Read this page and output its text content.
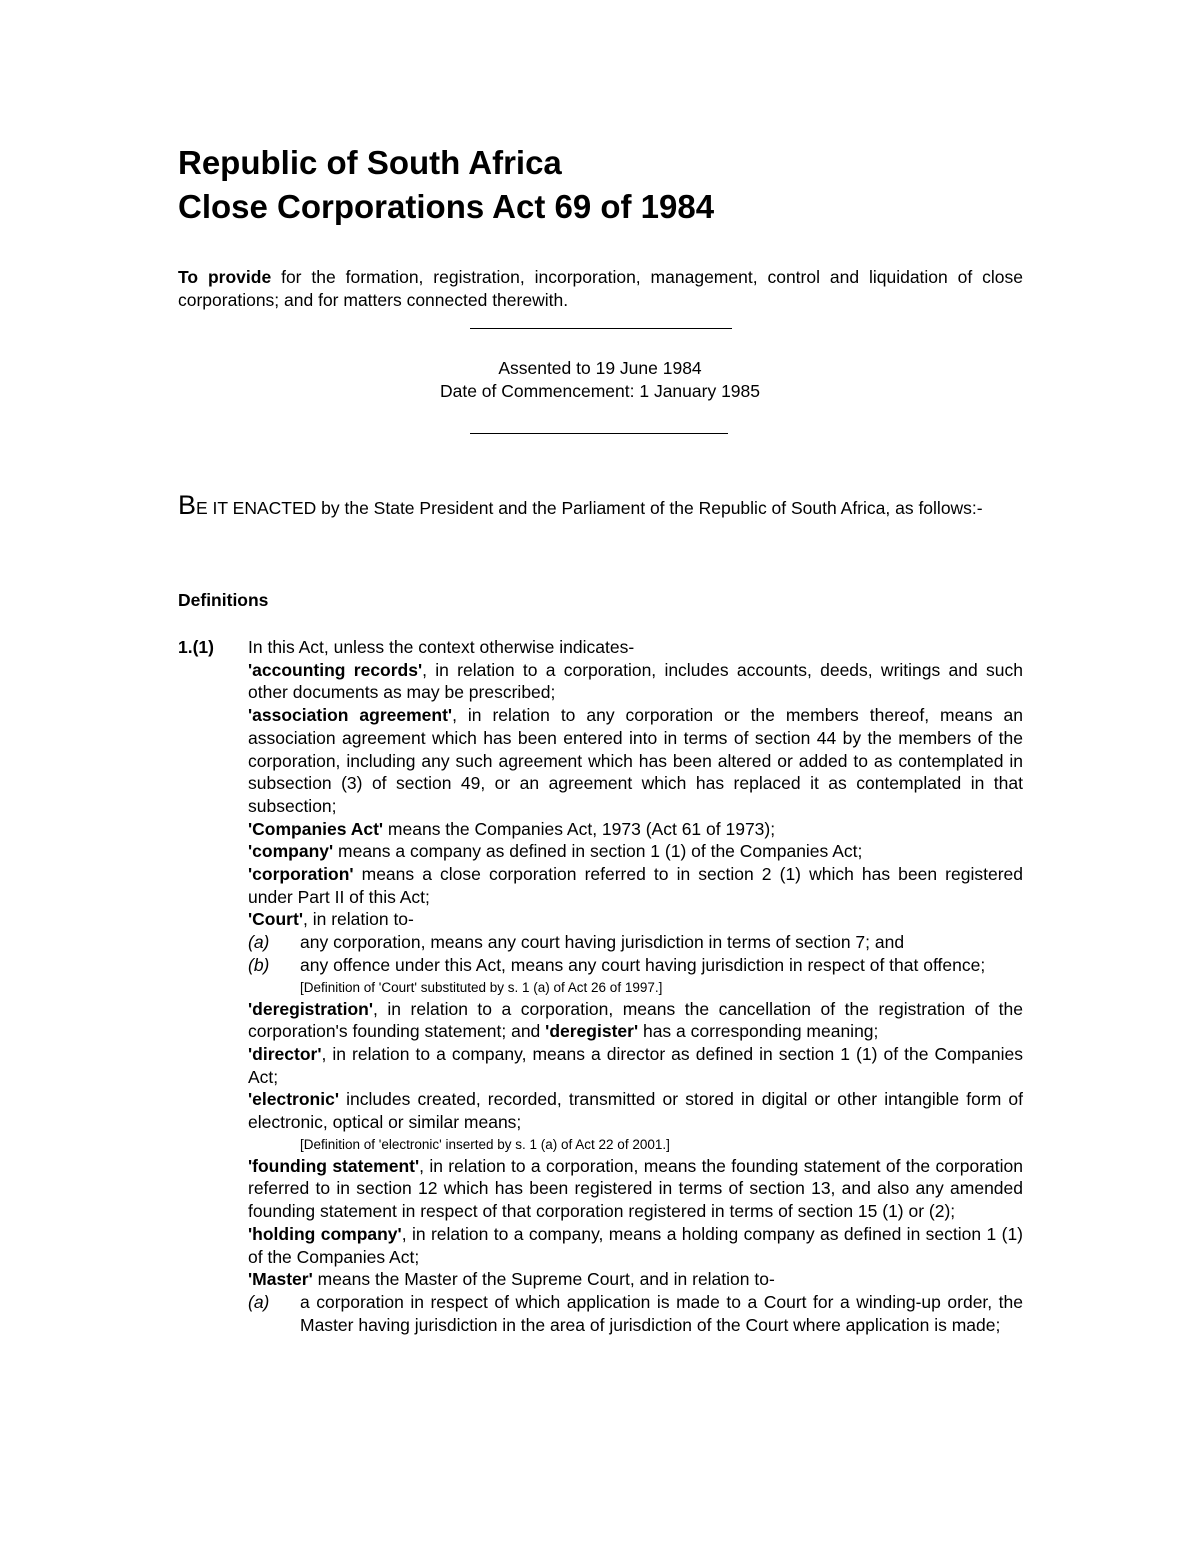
Republic of South Africa
Close Corporations Act 69 of 1984

To provide for the formation, registration, incorporation, management, control and liquidation of close corporations; and for matters connected therewith.

Assented to 19 June 1984
Date of Commencement: 1 January 1985
BE IT ENACTED by the State President and the Parliament of the Republic of South Africa, as follows:-
Definitions
1.(1) In this Act, unless the context otherwise indicates-

'accounting records', in relation to a corporation, includes accounts, deeds, writings and such other documents as may be prescribed;

'association agreement', in relation to any corporation or the members thereof, means an association agreement which has been entered into in terms of section 44 by the members of the corporation, including any such agreement which has been altered or added to as contemplated in subsection (3) of section 49, or an agreement which has replaced it as contemplated in that subsection;

'Companies Act' means the Companies Act, 1973 (Act 61 of 1973);

'company' means a company as defined in section 1 (1) of the Companies Act;

'corporation' means a close corporation referred to in section 2 (1) which has been registered under Part II of this Act;

'Court', in relation to-

(a)	any corporation, means any court having jurisdiction in terms of section 7; and
(b)	any offence under this Act, means any court having jurisdiction in respect of that offence;
[Definition of 'Court' substituted by s. 1 (a) of Act 26 of 1997.]

'deregistration', in relation to a corporation, means the cancellation of the registration of the corporation's founding statement; and 'deregister' has a corresponding meaning;

'director', in relation to a company, means a director as defined in section 1 (1) of the Companies Act;

'electronic' includes created, recorded, transmitted or stored in digital or other intangible form of electronic, optical or similar means;

[Definition of 'electronic' inserted by s. 1 (a) of Act 22 of 2001.]

'founding statement', in relation to a corporation, means the founding statement of the corporation referred to in section 12 which has been registered in terms of section 13, and also any amended founding statement in respect of that corporation registered in terms of section 15 (1) or (2);

'holding company', in relation to a company, means a holding company as defined in section 1 (1) of the Companies Act;

'Master' means the Master of the Supreme Court, and in relation to-

(a)	a corporation in respect of which application is made to a Court for a winding-up order, the Master having jurisdiction in the area of jurisdiction of the Court where application is made;
